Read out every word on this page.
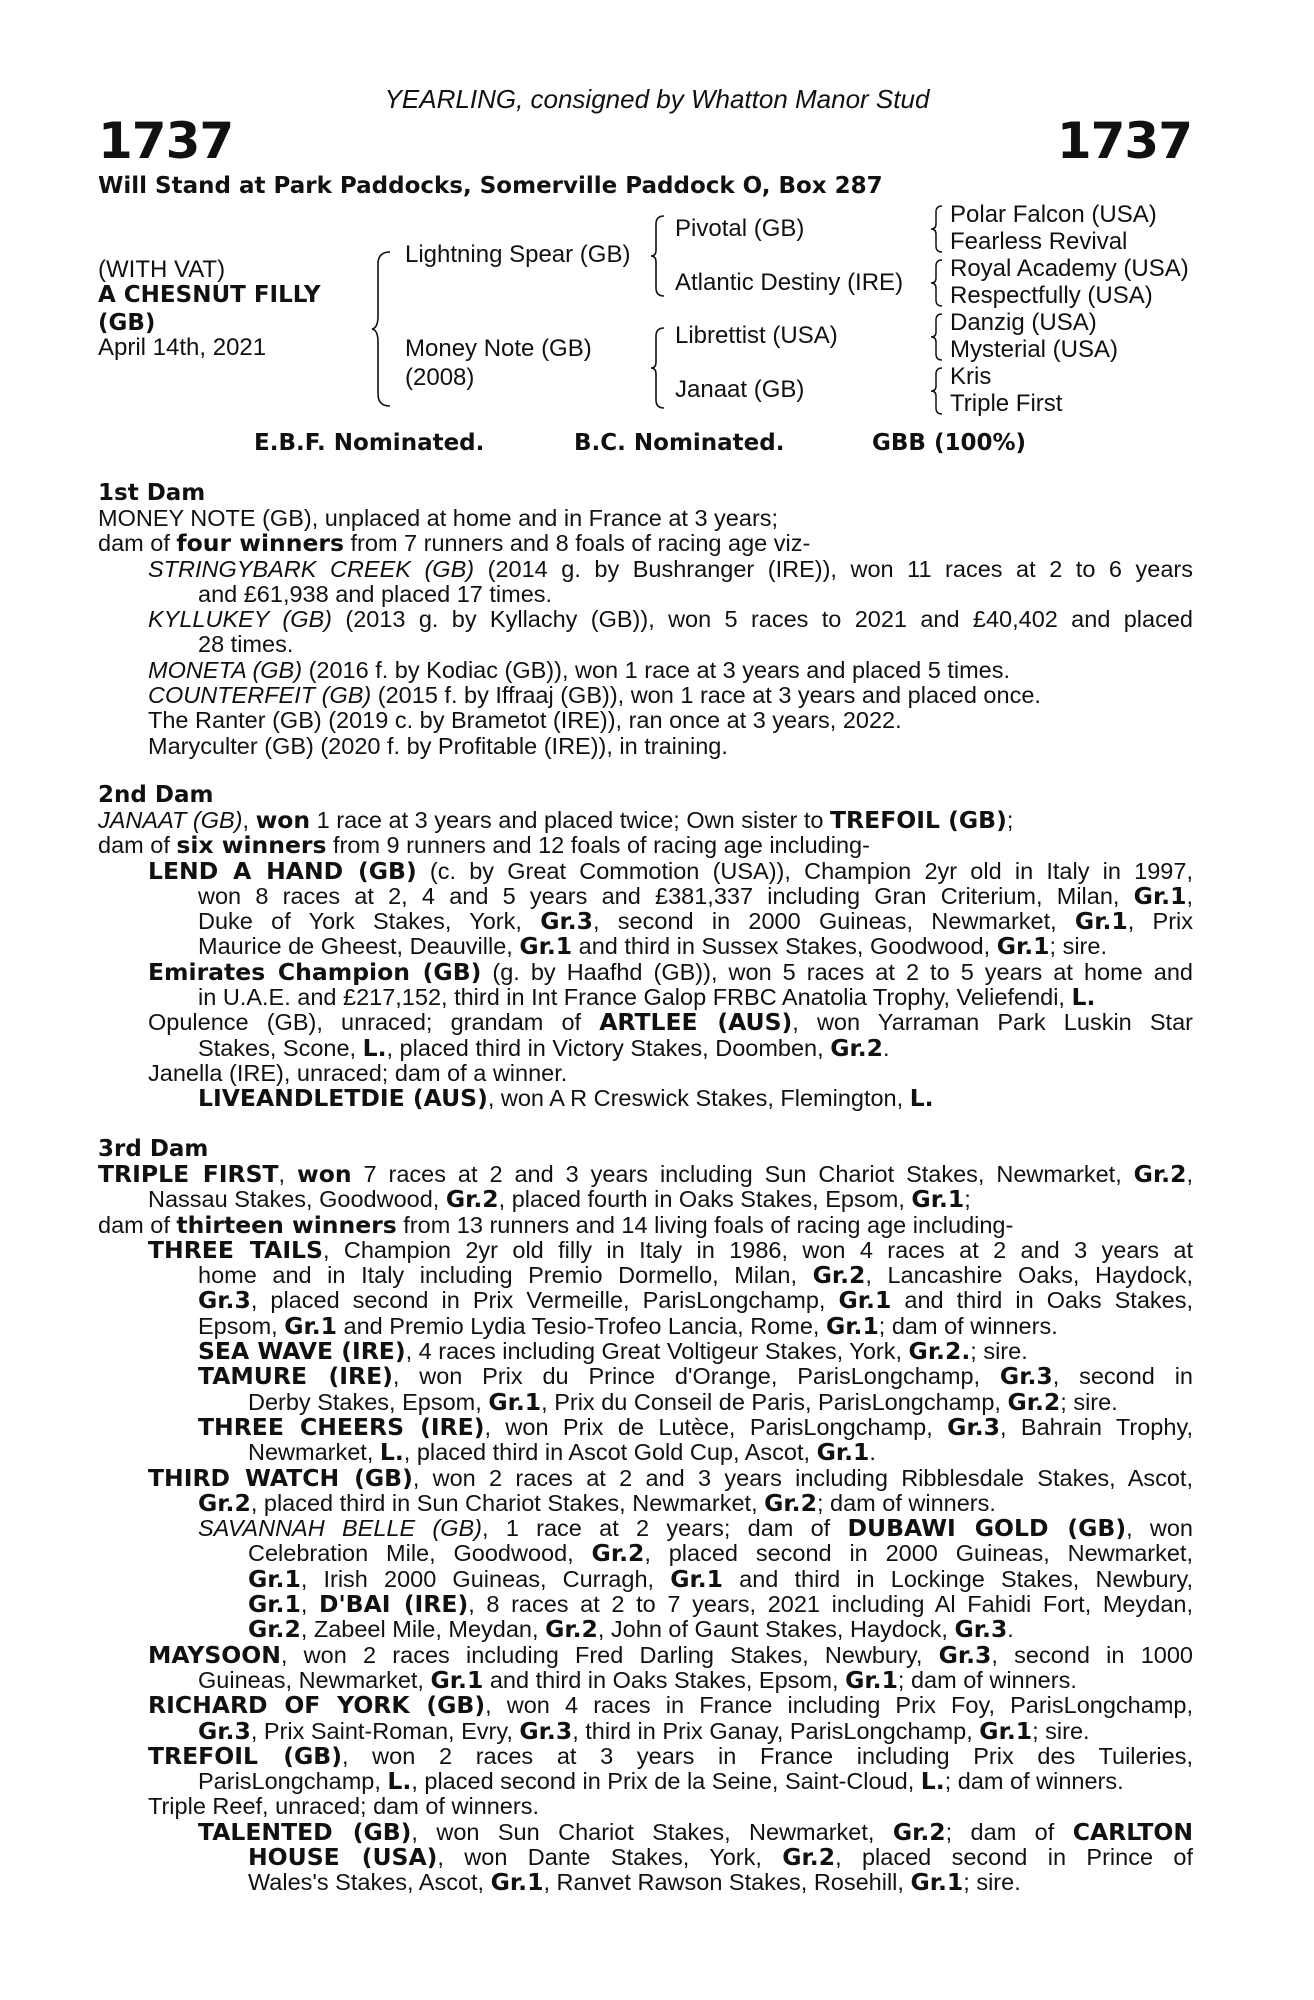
YEARLING, consigned by Whatton Manor Stud
1737	1737
Will Stand at Park Paddocks, Somerville Paddock O, Box 287
(WITH VAT)
A CHESNUT FILLY
(GB)
April 14th, 2021
Lightning Spear (GB)
Money Note (GB)
(2008)
Pivotal (GB)
Atlantic Destiny (IRE)
Librettist (USA)
Janaat (GB)
Polar Falcon (USA)
Fearless Revival
Royal Academy (USA)
Respectfully (USA)
Danzig (USA)
Mysterial (USA)
Kris
Triple First
E.B.F. Nominated.	B.C. Nominated.	GBB (100%)
1st Dam
MONEY NOTE (GB), unplaced at home and in France at 3 years;
dam of four winners from 7 runners and 8 foals of racing age viz-
STRINGYBARK CREEK (GB) (2014 g. by Bushranger (IRE)), won 11 races at 2 to 6 years
and £61,938 and placed 17 times.
KYLLUKEY (GB) (2013 g. by Kyllachy (GB)), won 5 races to 2021 and £40,402 and placed
28 times.
MONETA (GB) (2016 f. by Kodiac (GB)), won 1 race at 3 years and placed 5 times.
COUNTERFEIT (GB) (2015 f. by Iffraaj (GB)), won 1 race at 3 years and placed once.
The Ranter (GB) (2019 c. by Brametot (IRE)), ran once at 3 years, 2022.
Maryculter (GB) (2020 f. by Profitable (IRE)), in training.
2nd Dam
JANAAT (GB), won 1 race at 3 years and placed twice; Own sister to TREFOIL (GB);
dam of six winners from 9 runners and 12 foals of racing age including-
LEND A HAND (GB) (c. by Great Commotion (USA)), Champion 2yr old in Italy in 1997,
won 8 races at 2, 4 and 5 years and £381,337 including Gran Criterium, Milan, Gr.1,
Duke of York Stakes, York, Gr.3, second in 2000 Guineas, Newmarket, Gr.1, Prix
Maurice de Gheest, Deauville, Gr.1 and third in Sussex Stakes, Goodwood, Gr.1; sire.
Emirates Champion (GB) (g. by Haafhd (GB)), won 5 races at 2 to 5 years at home and
in U.A.E. and £217,152, third in Int France Galop FRBC Anatolia Trophy, Veliefendi, L.
Opulence (GB), unraced; grandam of ARTLEE (AUS), won Yarraman Park Luskin Star
Stakes, Scone, L., placed third in Victory Stakes, Doomben, Gr.2.
Janella (IRE), unraced; dam of a winner.
LIVEANDLETDIE (AUS), won A R Creswick Stakes, Flemington, L.
3rd Dam
TRIPLE FIRST, won 7 races at 2 and 3 years including Sun Chariot Stakes, Newmarket, Gr.2,
Nassau Stakes, Goodwood, Gr.2, placed fourth in Oaks Stakes, Epsom, Gr.1;
dam of thirteen winners from 13 runners and 14 living foals of racing age including-
THREE TAILS, Champion 2yr old filly in Italy in 1986, won 4 races at 2 and 3 years at
home and in Italy including Premio Dormello, Milan, Gr.2, Lancashire Oaks, Haydock,
Gr.3, placed second in Prix Vermeille, ParisLongchamp, Gr.1 and third in Oaks Stakes,
Epsom, Gr.1 and Premio Lydia Tesio-Trofeo Lancia, Rome, Gr.1; dam of winners.
SEA WAVE (IRE), 4 races including Great Voltigeur Stakes, York, Gr.2.; sire.
TAMURE (IRE), won Prix du Prince d'Orange, ParisLongchamp, Gr.3, second in
Derby Stakes, Epsom, Gr.1, Prix du Conseil de Paris, ParisLongchamp, Gr.2; sire.
THREE CHEERS (IRE), won Prix de Lutèce, ParisLongchamp, Gr.3, Bahrain Trophy,
Newmarket, L., placed third in Ascot Gold Cup, Ascot, Gr.1.
THIRD WATCH (GB), won 2 races at 2 and 3 years including Ribblesdale Stakes, Ascot,
Gr.2, placed third in Sun Chariot Stakes, Newmarket, Gr.2; dam of winners.
SAVANNAH BELLE (GB), 1 race at 2 years; dam of DUBAWI GOLD (GB), won
Celebration Mile, Goodwood, Gr.2, placed second in 2000 Guineas, Newmarket,
Gr.1, Irish 2000 Guineas, Curragh, Gr.1 and third in Lockinge Stakes, Newbury,
Gr.1, D'BAI (IRE), 8 races at 2 to 7 years, 2021 including Al Fahidi Fort, Meydan,
Gr.2, Zabeel Mile, Meydan, Gr.2, John of Gaunt Stakes, Haydock, Gr.3.
MAYSOON, won 2 races including Fred Darling Stakes, Newbury, Gr.3, second in 1000
Guineas, Newmarket, Gr.1 and third in Oaks Stakes, Epsom, Gr.1; dam of winners.
RICHARD OF YORK (GB), won 4 races in France including Prix Foy, ParisLongchamp,
Gr.3, Prix Saint-Roman, Evry, Gr.3, third in Prix Ganay, ParisLongchamp, Gr.1; sire.
TREFOIL (GB), won 2 races at 3 years in France including Prix des Tuileries,
ParisLongchamp, L., placed second in Prix de la Seine, Saint-Cloud, L.; dam of winners.
Triple Reef, unraced; dam of winners.
TALENTED (GB), won Sun Chariot Stakes, Newmarket, Gr.2; dam of CARLTON
HOUSE (USA), won Dante Stakes, York, Gr.2, placed second in Prince of
Wales's Stakes, Ascot, Gr.1, Ranvet Rawson Stakes, Rosehill, Gr.1; sire.
